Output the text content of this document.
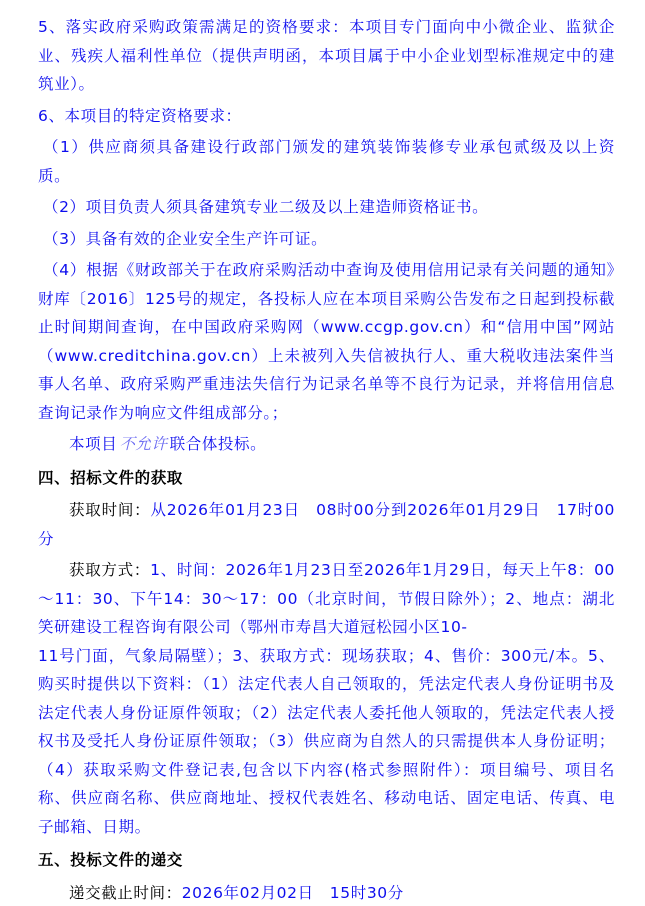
5、落实政府采购政策需满足的资格要求：本项目专门面向中小微企业、监狱企业、残疾人福利性单位（提供声明函，本项目属于中小企业划型标准规定中的建筑业）。

6、本项目的特定资格要求：

（1）供应商须具备建设行政部门颁发的建筑装饰装修专业承包贰级及以上资质。

（2）项目负责人须具备建筑专业二级及以上建造师资格证书。

（3）具备有效的企业安全生产许可证。

（4）根据《财政部关于在政府采购活动中查询及使用信用记录有关问题的通知》财库〔2016〕125号的规定，各投标人应在本项目采购公告发布之日起到投标截止时间期间查询，在中国政府采购网（www.ccgp.gov.cn）和“信用中国”网站（www.creditchina.gov.cn）上未被列入失信被执行人、重大税收违法案件当事人名单、政府采购严重违法失信行为记录名单等不良行为记录，并将信用信息查询记录作为响应文件组成部分。；

本项目 不允许 联合体投标。

四、招标文件的获取

获取时间：从2026年01月23日　08时00分到2026年01月29日　17时00分

获取方式：1、时间：2026年1月23日至2026年1月29日，每天上午8：00～11：30、下午14：30～17：00（北京时间，节假日除外）；2、地点：湖北笑研建设工程咨询有限公司（鄂州市寿昌大道冠松园小区10-
11号门面，气象局隔壁）；3、获取方式：现场获取；4、售价：300元/本。5、购买时提供以下资料：（1）法定代表人自己领取的，凭法定代表人身份证明书及法定代表人身份证原件领取；（2）法定代表人委托他人领取的，凭法定代表人授权书及受托人身份证原件领取；（3）供应商为自然人的只需提供本人身份证明；（4）获取采购文件登记表,包含以下内容(格式参照附件）：项目编号、项目名称、供应商名称、供应商地址、授权代表姓名、移动电话、固定电话、传真、电子邮箱、日期。

五、投标文件的递交

递交截止时间：2026年02月02日　15时30分
